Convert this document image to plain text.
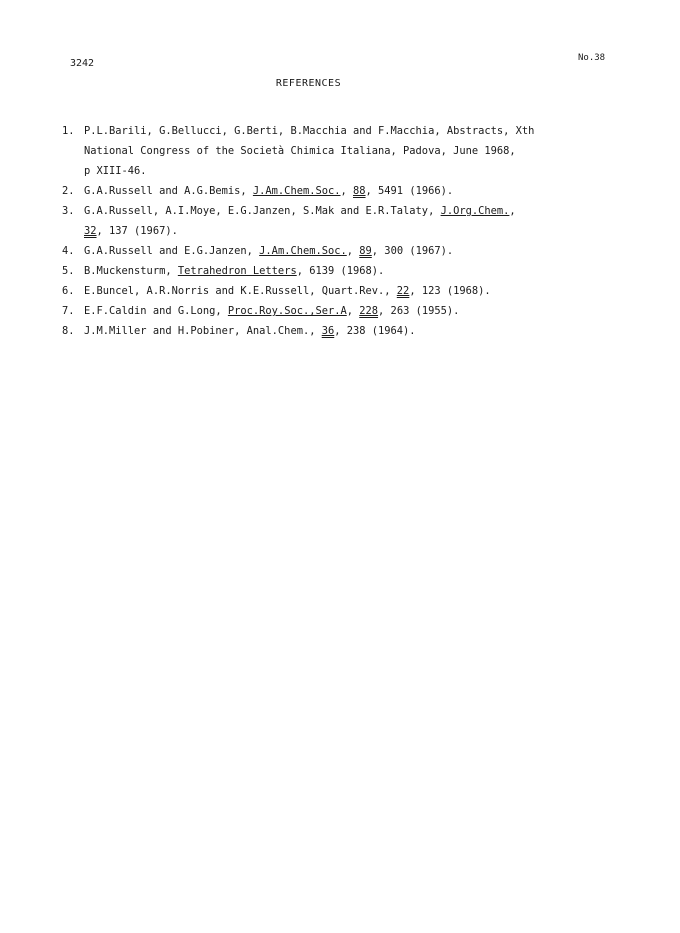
3242	No.38
REFERENCES
1. P.L.Barili, G.Bellucci, G.Berti, B.Macchia and F.Macchia, Abstracts, Xth
National Congress of the Società Chimica Italiana, Padova, June 1968,
p XIII-46.
2. G.A.Russell and A.G.Bemis, J.Am.Chem.Soc., 88, 5491 (1966).
3. G.A.Russell, A.I.Moye, E.G.Janzen, S.Mak and E.R.Talaty, J.Org.Chem.,
32, 137 (1967).
4. G.A.Russell and E.G.Janzen, J.Am.Chem.Soc., 89, 300 (1967).
5. B.Muckensturm, Tetrahedron Letters, 6139 (1968).
6. E.Buncel, A.R.Norris and K.E.Russell, Quart.Rev., 22, 123 (1968).
7. E.F.Caldin and G.Long, Proc.Roy.Soc.,Ser.A, 228, 263 (1955).
8. J.M.Miller and H.Pobiner, Anal.Chem., 36, 238 (1964).
